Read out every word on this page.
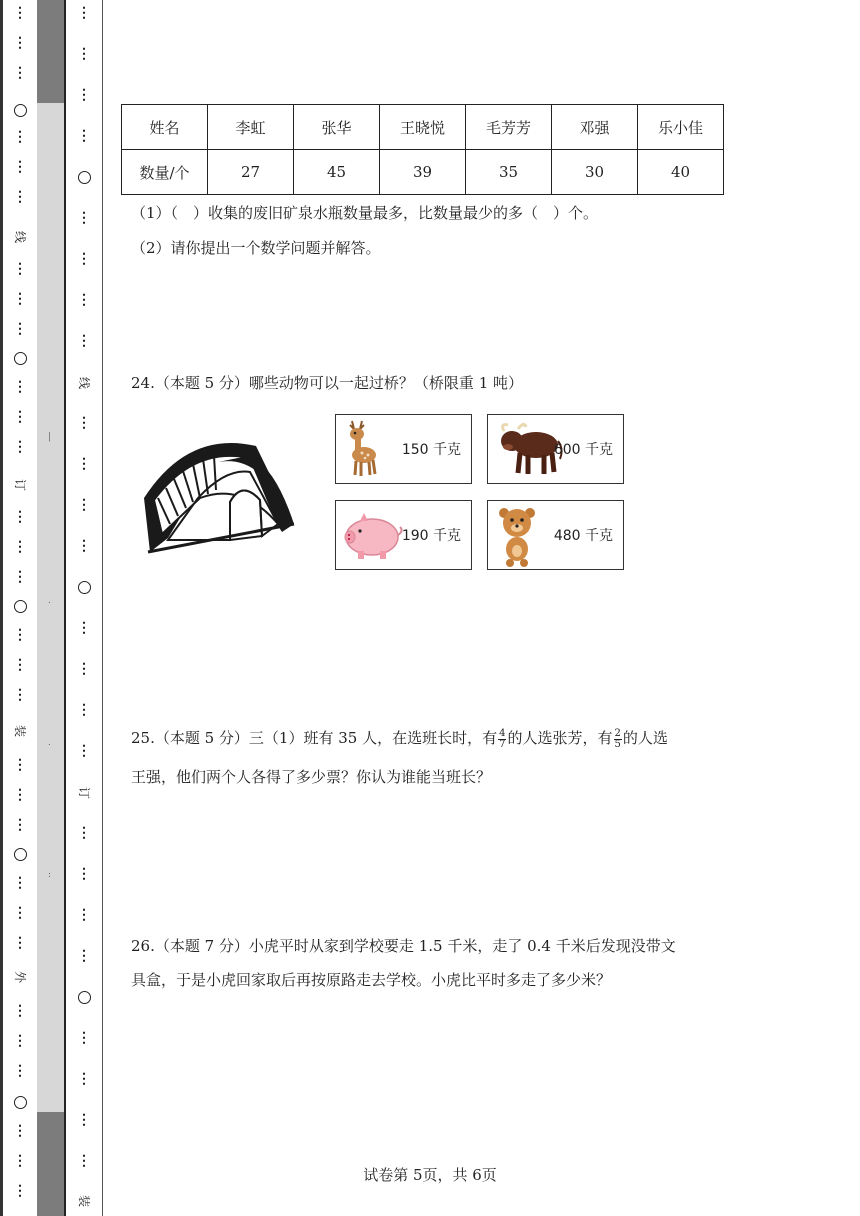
⋮
⋮
⋮
⋮
⋮
⋮
线
⋮
⋮
⋮
⋮
⋮
⋮
订
⋮
⋮
⋮
⋮
⋮
⋮
装
⋮
⋮
⋮
⋮
⋮
⋮
外
⋮
⋮
⋮
⋮
⋮
⋮
|
.
.
:
⋮
⋮
⋮
⋮
⋮
⋮
⋮
⋮
线
⋮
⋮
⋮
⋮
⋮
⋮
⋮
⋮
订
⋮
⋮
⋮
⋮
⋮
⋮
⋮
⋮
装
姓名	李虹	张华	王晓悦	毛芳芳	邓强	乐小佳
数量/个	27	45	39	35	30	40
（1）（　）收集的废旧矿泉水瓶数量最多，比数量最少的多（　）个。
（2）请你提出一个数学问题并解答。
24.（本题 5 分）哪些动物可以一起过桥？（桥限重 1 吨）
150 千克	600 千克
190 千克	480 千克
25.（本题 5 分）三（1）班有 35 人，在选班长时，有 $\frac{4}{7}$ 的人选张芳，有 $\frac{2}{5}$ 的人选
王强，他们两个人各得了多少票？你认为谁能当班长？
26.（本题 7 分）小虎平时从家到学校要走 1.5 千米，走了 0.4 千米后发现没带文
具盒，于是小虎回家取后再按原路走去学校。小虎比平时多走了多少米？
试卷第 5页，共 6页
